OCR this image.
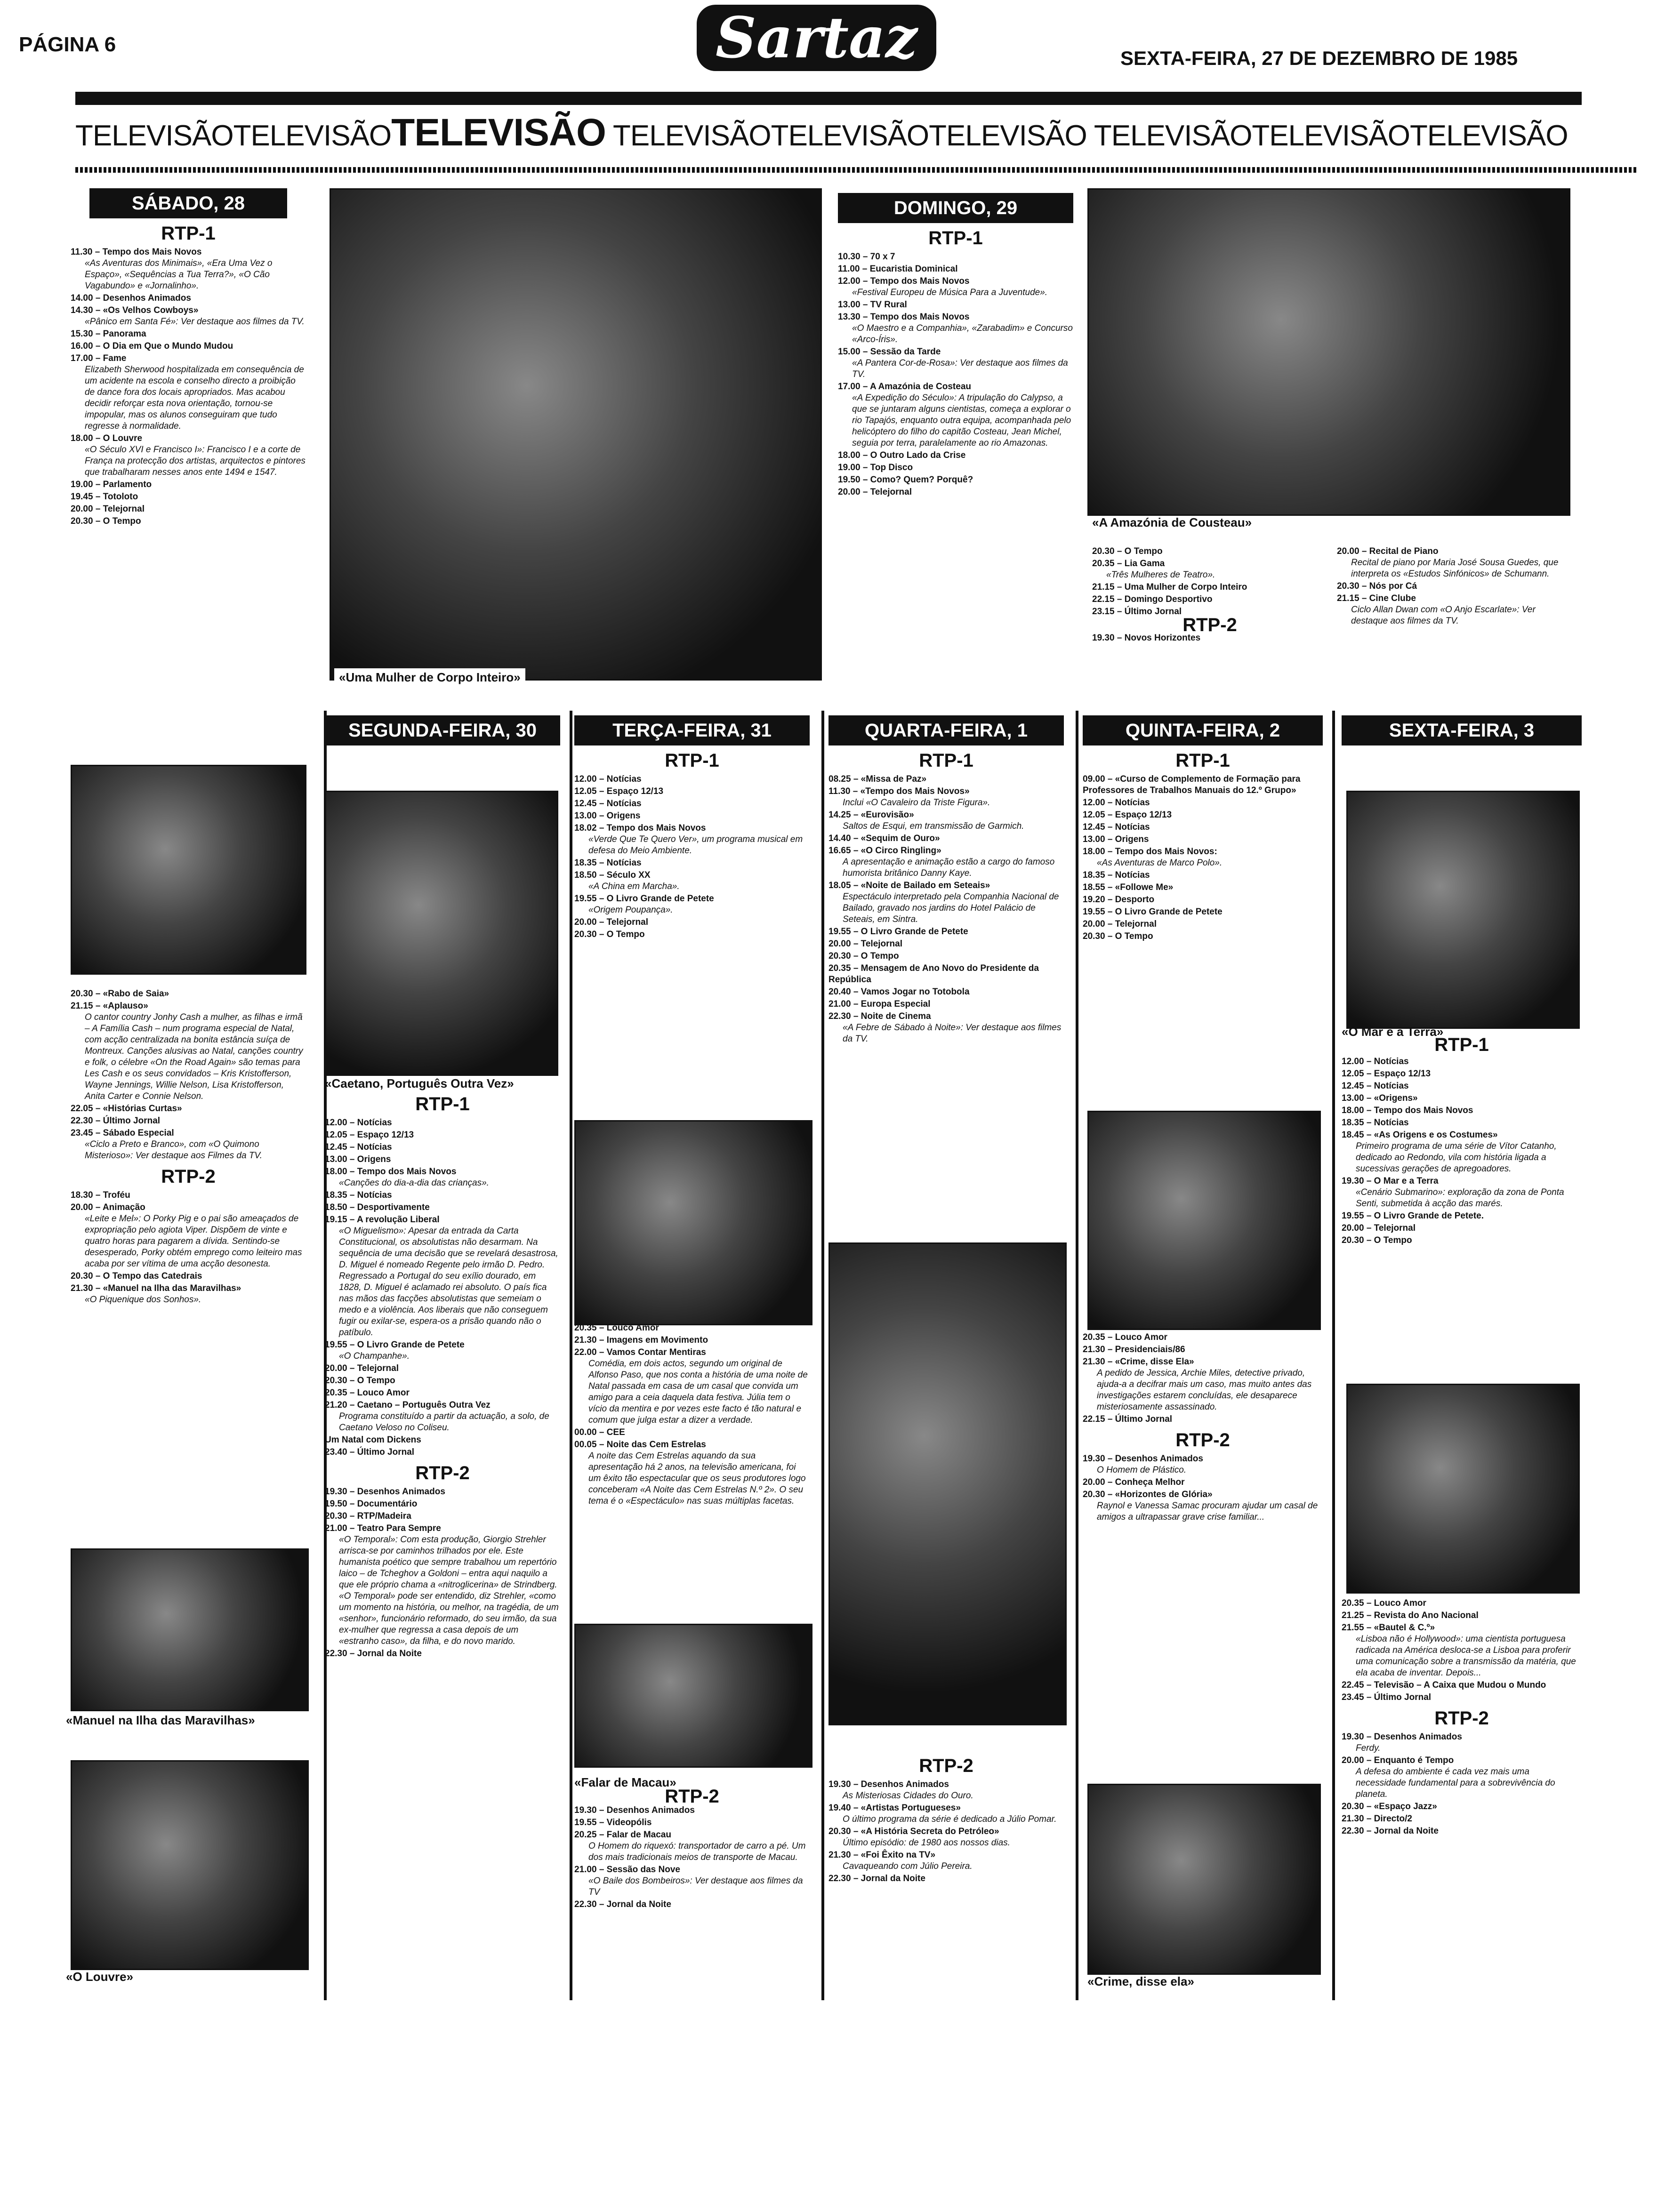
PÁGINA 6	Sartaz	SEXTA-FEIRA, 27 DE DEZEMBRO DE 1985
TELEVISÃOTELEVISÃOTELEVISÃO TELEVISÃOTELEVISÃOTELEVISÃO TELEVISÃOTELEVISÃOTELEVISÃO
SÁBADO, 28
RTP-1
11.30 – Tempo dos Mais Novos
«As Aventuras dos Minimais», «Era Uma Vez o Espaço», «Sequências a Tua Terra?», «O Cão Vagabundo» e «Jornalinho».
14.00 – Desenhos Animados
14.30 – «Os Velhos Cowboys»
«Pânico em Santa Fé»: Ver destaque aos filmes da TV.
15.30 – Panorama
16.00 – O Dia em Que o Mundo Mudou
17.00 – Fame
Elizabeth Sherwood hospitalizada em consequência de um acidente na escola e conselho directo a proibição de dance fora dos locais apropriados. Mas acabou decidir reforçar esta nova orientação, tornou-se impopular, mas os alunos conseguiram que tudo regresse à normalidade.
18.00 – O Louvre
«O Século XVI e Francisco I»: Francisco I e a corte de França na protecção dos artistas, arquitectos e pintores que trabalharam nesses anos ente 1494 e 1547.
19.00 – Parlamento
19.45 – Totoloto
20.00 – Telejornal
20.30 – O Tempo
20.30 – «Rabo de Saia»
21.15 – «Aplauso»
O cantor country Jonhy Cash a mulher, as filhas e irmã – A Família Cash – num programa especial de Natal, com acção centralizada na bonita estância suíça de Montreux. Canções alusivas ao Natal, canções country e folk, o célebre «On the Road Again» são temas para Les Cash e os seus convidados – Kris Kristofferson, Wayne Jennings, Willie Nelson, Lisa Kristofferson, Anita Carter e Connie Nelson.
22.05 – «Histórias Curtas»
22.30 – Último Jornal
23.45 – Sábado Especial
«Ciclo a Preto e Branco», com «O Quimono Misterioso»: Ver destaque aos Filmes da TV.
RTP-2
18.30 – Troféu
20.00 – Animação
«Leite e Mel»: O Porky Pig e o pai são ameaçados de expropriação pelo agiota Viper. Dispõem de vinte e quatro horas para pagarem a dívida. Sentindo-se desesperado, Porky obtém emprego como leiteiro mas acaba por ser vítima de uma acção desonesta.
20.30 – O Tempo das Catedrais
21.30 – «Manuel na Ilha das Maravilhas»
«O Piquenique dos Sonhos».
«Manuel na Ilha das Maravilhas»
«O Louvre»
«Uma Mulher de Corpo Inteiro»
DOMINGO, 29
RTP-1
10.30 – 70 x 7
11.00 – Eucaristia Dominical
12.00 – Tempo dos Mais Novos
«Festival Europeu de Música Para a Juventude».
13.00 – TV Rural
13.30 – Tempo dos Mais Novos
«O Maestro e a Companhia», «Zarabadim» e Concurso «Arco-Íris».
15.00 – Sessão da Tarde
«A Pantera Cor-de-Rosa»: Ver destaque aos filmes da TV.
17.00 – A Amazónia de Costeau
«A Expedição do Século»: A tripulação do Calypso, a que se juntaram alguns cientistas, começa a explorar o rio Tapajós, enquanto outra equipa, acompanhada pelo helicóptero do filho do capitão Costeau, Jean Michel, seguia por terra, paralelamente ao rio Amazonas.
18.00 – O Outro Lado da Crise
19.00 – Top Disco
19.50 – Como? Quem? Porquê?
20.00 – Telejornal
«A Amazónia de Cousteau»
20.30 – O Tempo
20.35 – Lia Gama
«Três Mulheres de Teatro».
21.15 – Uma Mulher de Corpo Inteiro
22.15 – Domingo Desportivo
23.15 – Último Jornal
RTP-2
19.30 – Novos Horizontes
20.00 – Recital de Piano
Recital de piano por Maria José Sousa Guedes, que interpreta os «Estudos Sinfónicos» de Schumann.
20.30 – Nós por Cá
21.15 – Cine Clube
Ciclo Allan Dwan com «O Anjo Escarlate»: Ver destaque aos filmes da TV.
SEGUNDA-FEIRA, 30
«Caetano, Português Outra Vez»
RTP-1
12.00 – Notícias
12.05 – Espaço 12/13
12.45 – Notícias
13.00 – Origens
18.00 – Tempo dos Mais Novos
«Canções do dia-a-dia das crianças».
18.35 – Notícias
18.50 – Desportivamente
19.15 – A revolução Liberal
«O Miguelismo»: Apesar da entrada da Carta Constitucional, os absolutistas não desarmam. Na sequência de uma decisão que se revelará desastrosa, D. Miguel é nomeado Regente pelo irmão D. Pedro. Regressado a Portugal do seu exílio dourado, em 1828, D. Miguel é aclamado rei absoluto. O país fica nas mãos das facções absolutistas que semeiam o medo e a violência. Aos liberais que não conseguem fugir ou exilar-se, espera-os a prisão quando não o patíbulo.
19.55 – O Livro Grande de Petete
«O Champanhe».
20.00 – Telejornal
20.30 – O Tempo
20.35 – Louco Amor
21.20 – Caetano – Português Outra Vez
Programa constituído a partir da actuação, a solo, de Caetano Veloso no Coliseu.
Um Natal com Dickens
23.40 – Último Jornal
RTP-2
19.30 – Desenhos Animados
19.50 – Documentário
20.30 – RTP/Madeira
21.00 – Teatro Para Sempre
«O Temporal»: Com esta produção, Giorgio Strehler arrisca-se por caminhos trilhados por ele. Este humanista poético que sempre trabalhou um repertório laico – de Tcheghov a Goldoni – entra aqui naquilo a que ele próprio chama a «nitroglicerina» de Strindberg. «O Temporal» pode ser entendido, diz Strehler, «como um momento na história, ou melhor, na tragédia, de um «senhor», funcionário reformado, do seu irmão, da sua ex-mulher que regressa a casa depois de um «estranho caso», da filha, e do novo marido.
22.30 – Jornal da Noite
TERÇA-FEIRA, 31
RTP-1
12.00 – Notícias
12.05 – Espaço 12/13
12.45 – Notícias
13.00 – Origens
18.02 – Tempo dos Mais Novos
«Verde Que Te Quero Ver», um programa musical em defesa do Meio Ambiente.
18.35 – Notícias
18.50 – Século XX
«A China em Marcha».
19.55 – O Livro Grande de Petete
«Origem Poupança».
20.00 – Telejornal
20.30 – O Tempo
20.35 – Louco Amor
21.30 – Imagens em Movimento
22.00 – Vamos Contar Mentiras
Comédia, em dois actos, segundo um original de Alfonso Paso, que nos conta a história de uma noite de Natal passada em casa de um casal que convida um amigo para a ceia daquela data festiva. Júlia tem o vício da mentira e por vezes este facto é tão natural e comum que julga estar a dizer a verdade.
00.00 – CEE
00.05 – Noite das Cem Estrelas
A noite das Cem Estrelas aquando da sua apresentação há 2 anos, na televisão americana, foi um êxito tão espectacular que os seus produtores logo conceberam «A Noite das Cem Estrelas N.º 2». O seu tema é o «Espectáculo» nas suas múltiplas facetas.
«Falar de Macau»
RTP-2
19.30 – Desenhos Animados
19.55 – Videopólis
20.25 – Falar de Macau
O Homem do riquexó: transportador de carro a pé. Um dos mais tradicionais meios de transporte de Macau.
21.00 – Sessão das Nove
«O Baile dos Bombeiros»: Ver destaque aos filmes da TV
22.30 – Jornal da Noite
QUARTA-FEIRA, 1
RTP-1
08.25 – «Missa de Paz»
11.30 – «Tempo dos Mais Novos»
Inclui «O Cavaleiro da Triste Figura».
14.25 – «Eurovisão»
Saltos de Esqui, em transmissão de Garmich.
14.40 – «Sequim de Ouro»
16.65 – «O Circo Ringling»
A apresentação e animação estão a cargo do famoso humorista britânico Danny Kaye.
18.05 – «Noite de Bailado em Seteais»
Espectáculo interpretado pela Companhia Nacional de Bailado, gravado nos jardins do Hotel Palácio de Seteais, em Sintra.
19.55 – O Livro Grande de Petete
20.00 – Telejornal
20.30 – O Tempo
20.35 – Mensagem de Ano Novo do Presidente da República
20.40 – Vamos Jogar no Totobola
21.00 – Europa Especial
22.30 – Noite de Cinema
«A Febre de Sábado à Noite»: Ver destaque aos filmes da TV.
RTP-2
19.30 – Desenhos Animados
As Misteriosas Cidades do Ouro.
19.40 – «Artistas Portugueses»
O último programa da série é dedicado a Júlio Pomar.
20.30 – «A História Secreta do Petróleo»
Último episódio: de 1980 aos nossos dias.
21.30 – «Foi Êxito na TV»
Cavaqueando com Júlio Pereira.
22.30 – Jornal da Noite
QUINTA-FEIRA, 2
RTP-1
09.00 – «Curso de Complemento de Formação para Professores de Trabalhos Manuais do 12.º Grupo»
12.00 – Notícias
12.05 – Espaço 12/13
12.45 – Notícias
13.00 – Origens
18.00 – Tempo dos Mais Novos:
«As Aventuras de Marco Polo».
18.35 – Notícias
18.55 – «Followe Me»
19.20 – Desporto
19.55 – O Livro Grande de Petete
20.00 – Telejornal
20.30 – O Tempo
20.35 – Louco Amor
21.30 – Presidenciais/86
21.30 – «Crime, disse Ela»
A pedido de Jessica, Archie Miles, detective privado, ajuda-a a decifrar mais um caso, mas muito antes das investigações estarem concluídas, ele desaparece misteriosamente assassinado.
22.15 – Último Jornal
RTP-2
19.30 – Desenhos Animados
O Homem de Plástico.
20.00 – Conheça Melhor
20.30 – «Horizontes de Glória»
Raynol e Vanessa Samac procuram ajudar um casal de amigos a ultrapassar grave crise familiar...
«Crime, disse ela»
SEXTA-FEIRA, 3
«O Mar e a Terra»
RTP-1
12.00 – Notícias
12.05 – Espaço 12/13
12.45 – Notícias
13.00 – «Origens»
18.00 – Tempo dos Mais Novos
18.35 – Notícias
18.45 – «As Origens e os Costumes»
Primeiro programa de uma série de Vítor Catanho, dedicado ao Redondo, vila com história ligada a sucessivas gerações de apregoadores.
19.30 – O Mar e a Terra
«Cenário Submarino»: exploração da zona de Ponta Senti, submetida à acção das marés.
19.55 – O Livro Grande de Petete.
20.00 – Telejornal
20.30 – O Tempo
20.35 – Louco Amor
21.25 – Revista do Ano Nacional
21.55 – «Bautel & C.º»
«Lisboa não é Hollywood»: uma cientista portuguesa radicada na América desloca-se a Lisboa para proferir uma comunicação sobre a transmissão da matéria, que ela acaba de inventar. Depois...
22.45 – Televisão – A Caixa que Mudou o Mundo
23.45 – Último Jornal
RTP-2
19.30 – Desenhos Animados
Ferdy.
20.00 – Enquanto é Tempo
A defesa do ambiente é cada vez mais uma necessidade fundamental para a sobrevivência do planeta.
20.30 – «Espaço Jazz»
21.30 – Directo/2
22.30 – Jornal da Noite
